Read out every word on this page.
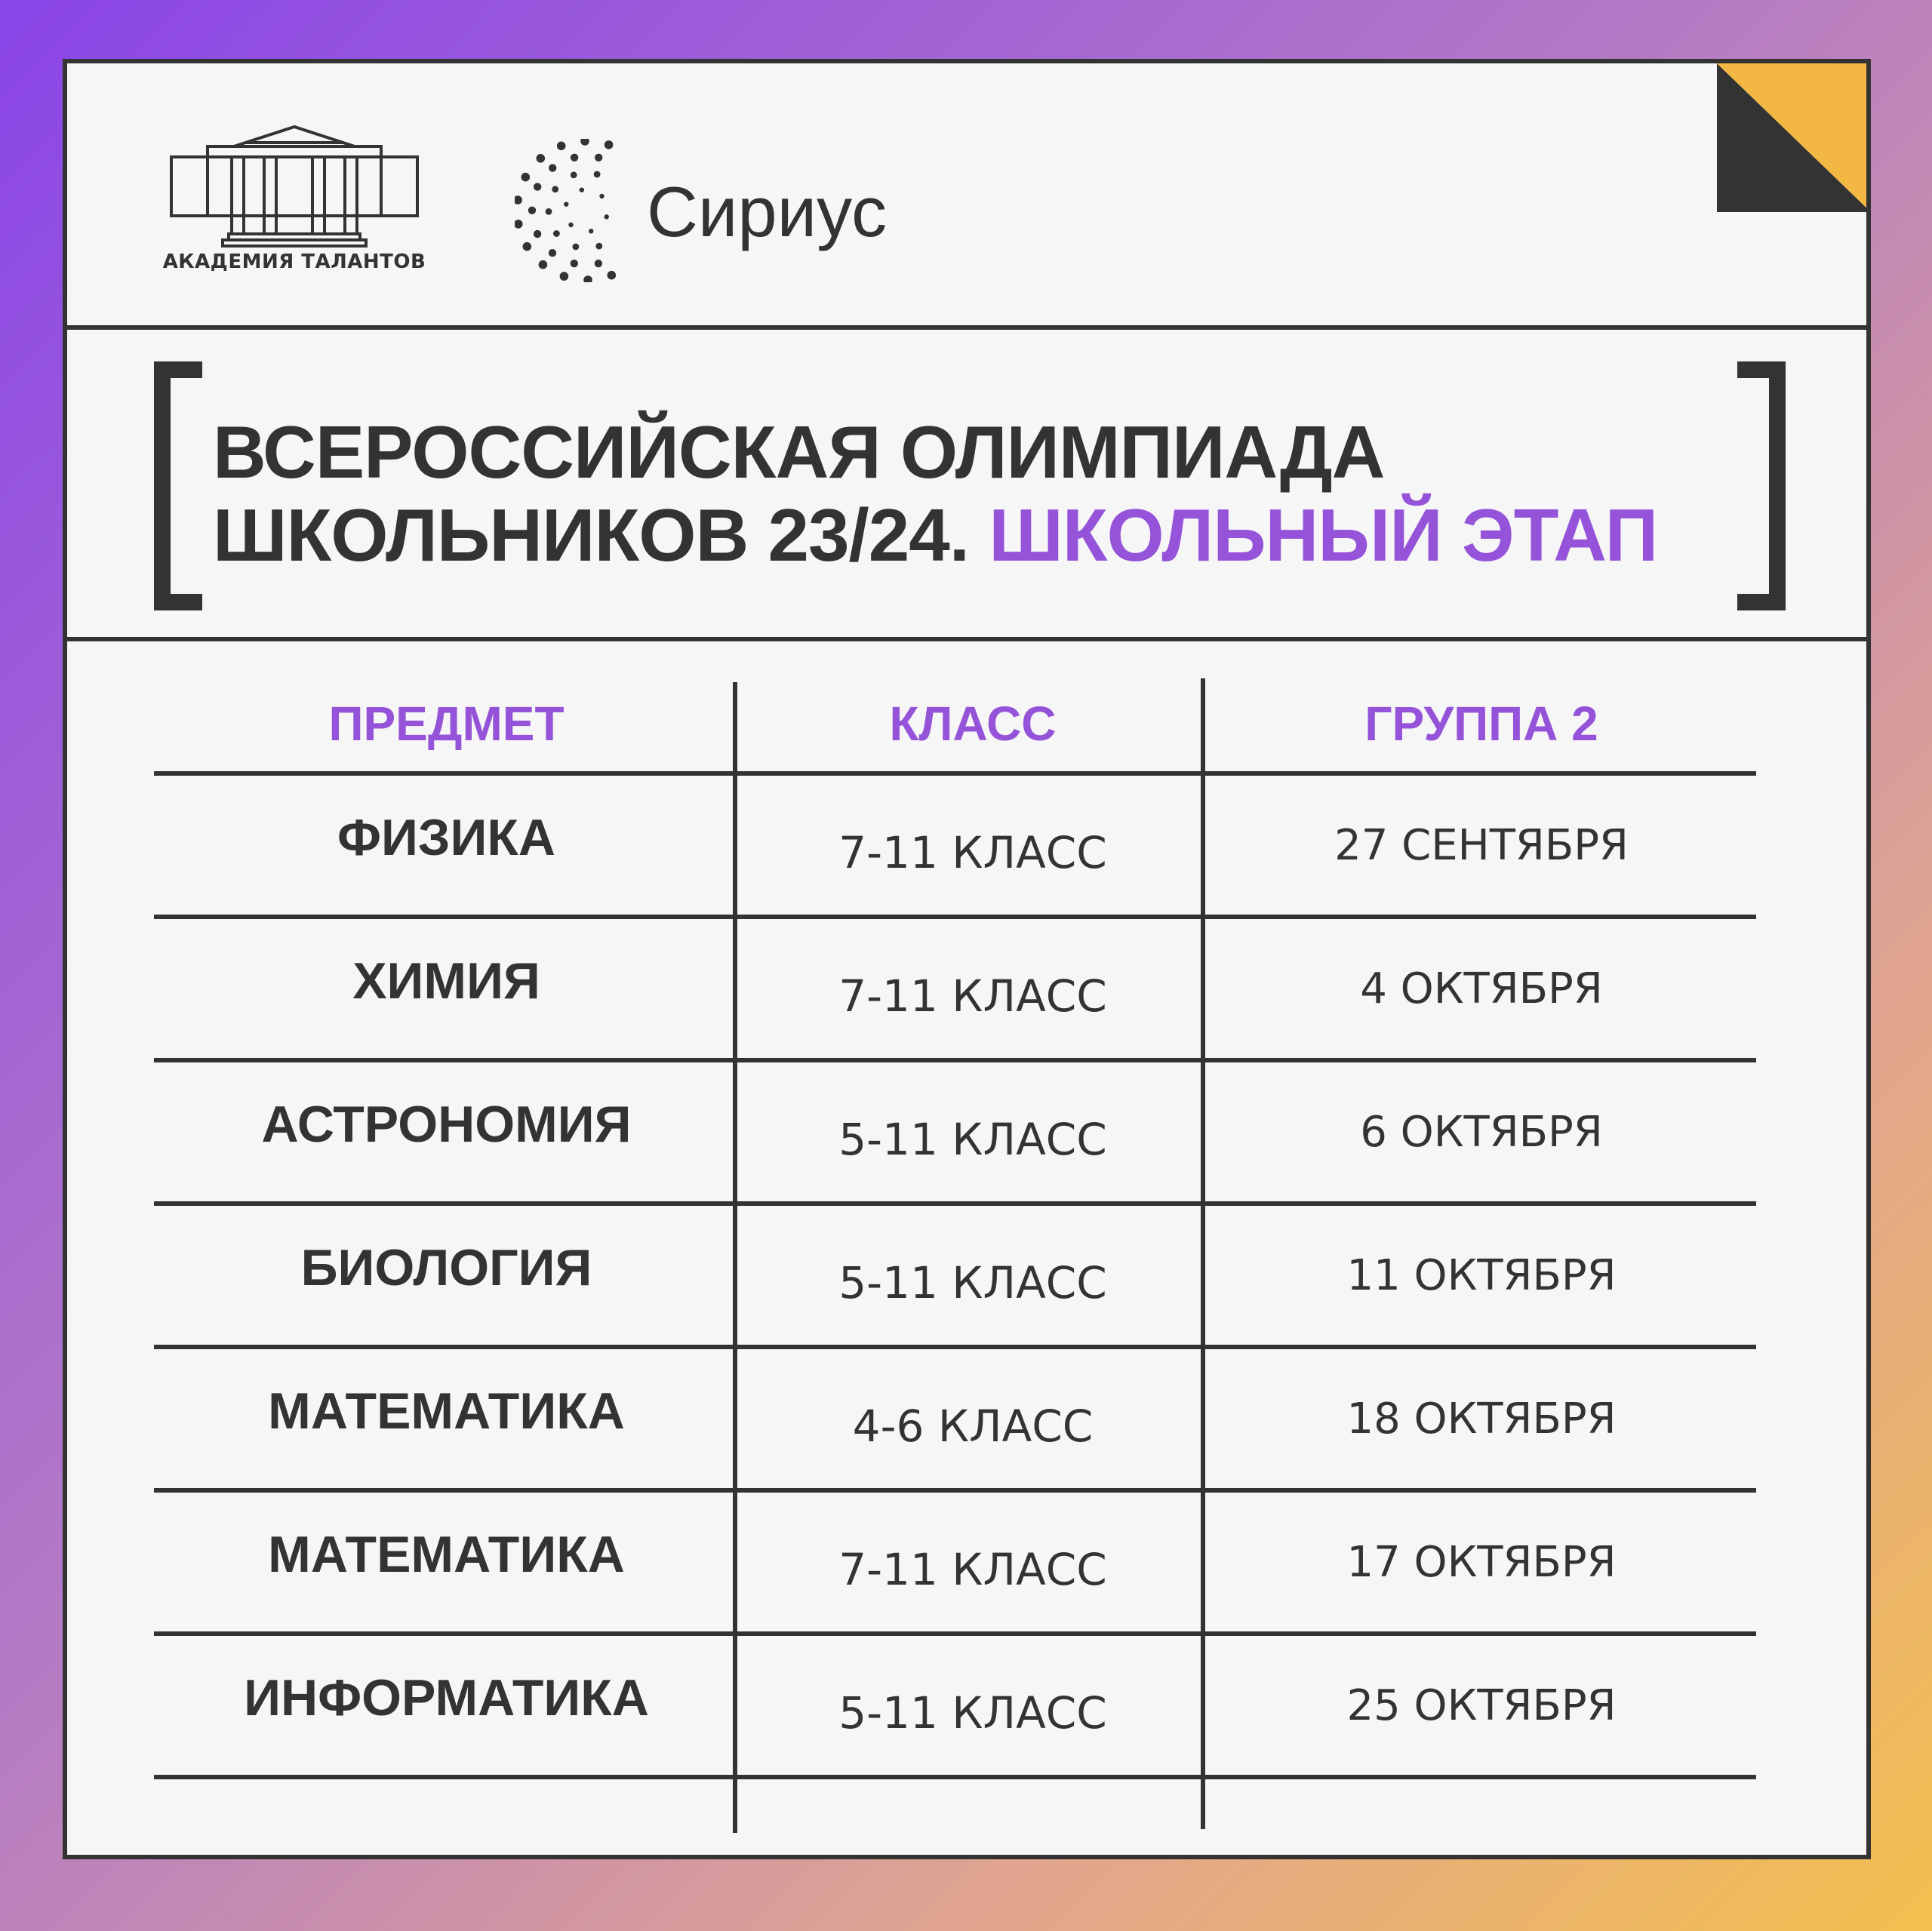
АКАДЕМИЯ ТАЛАНТОВ
Сириус
ВСЕРОССИЙСКАЯ ОЛИМПИАДА
ШКОЛЬНИКОВ 23/24. ШКОЛЬНЫЙ ЭТАП
ПРЕДМЕТ	КЛАСС	ГРУППА 2
ФИЗИКА	7-11 КЛАСС	27 СЕНТЯБРЯ
ХИМИЯ	7-11 КЛАСС	4 ОКТЯБРЯ
АСТРОНОМИЯ	5-11 КЛАСС	6 ОКТЯБРЯ
БИОЛОГИЯ	5-11 КЛАСС	11 ОКТЯБРЯ
МАТЕМАТИКА	4-6 КЛАСС	18 ОКТЯБРЯ
МАТЕМАТИКА	7-11 КЛАСС	17 ОКТЯБРЯ
ИНФОРМАТИКА	5-11 КЛАСС	25 ОКТЯБРЯ
